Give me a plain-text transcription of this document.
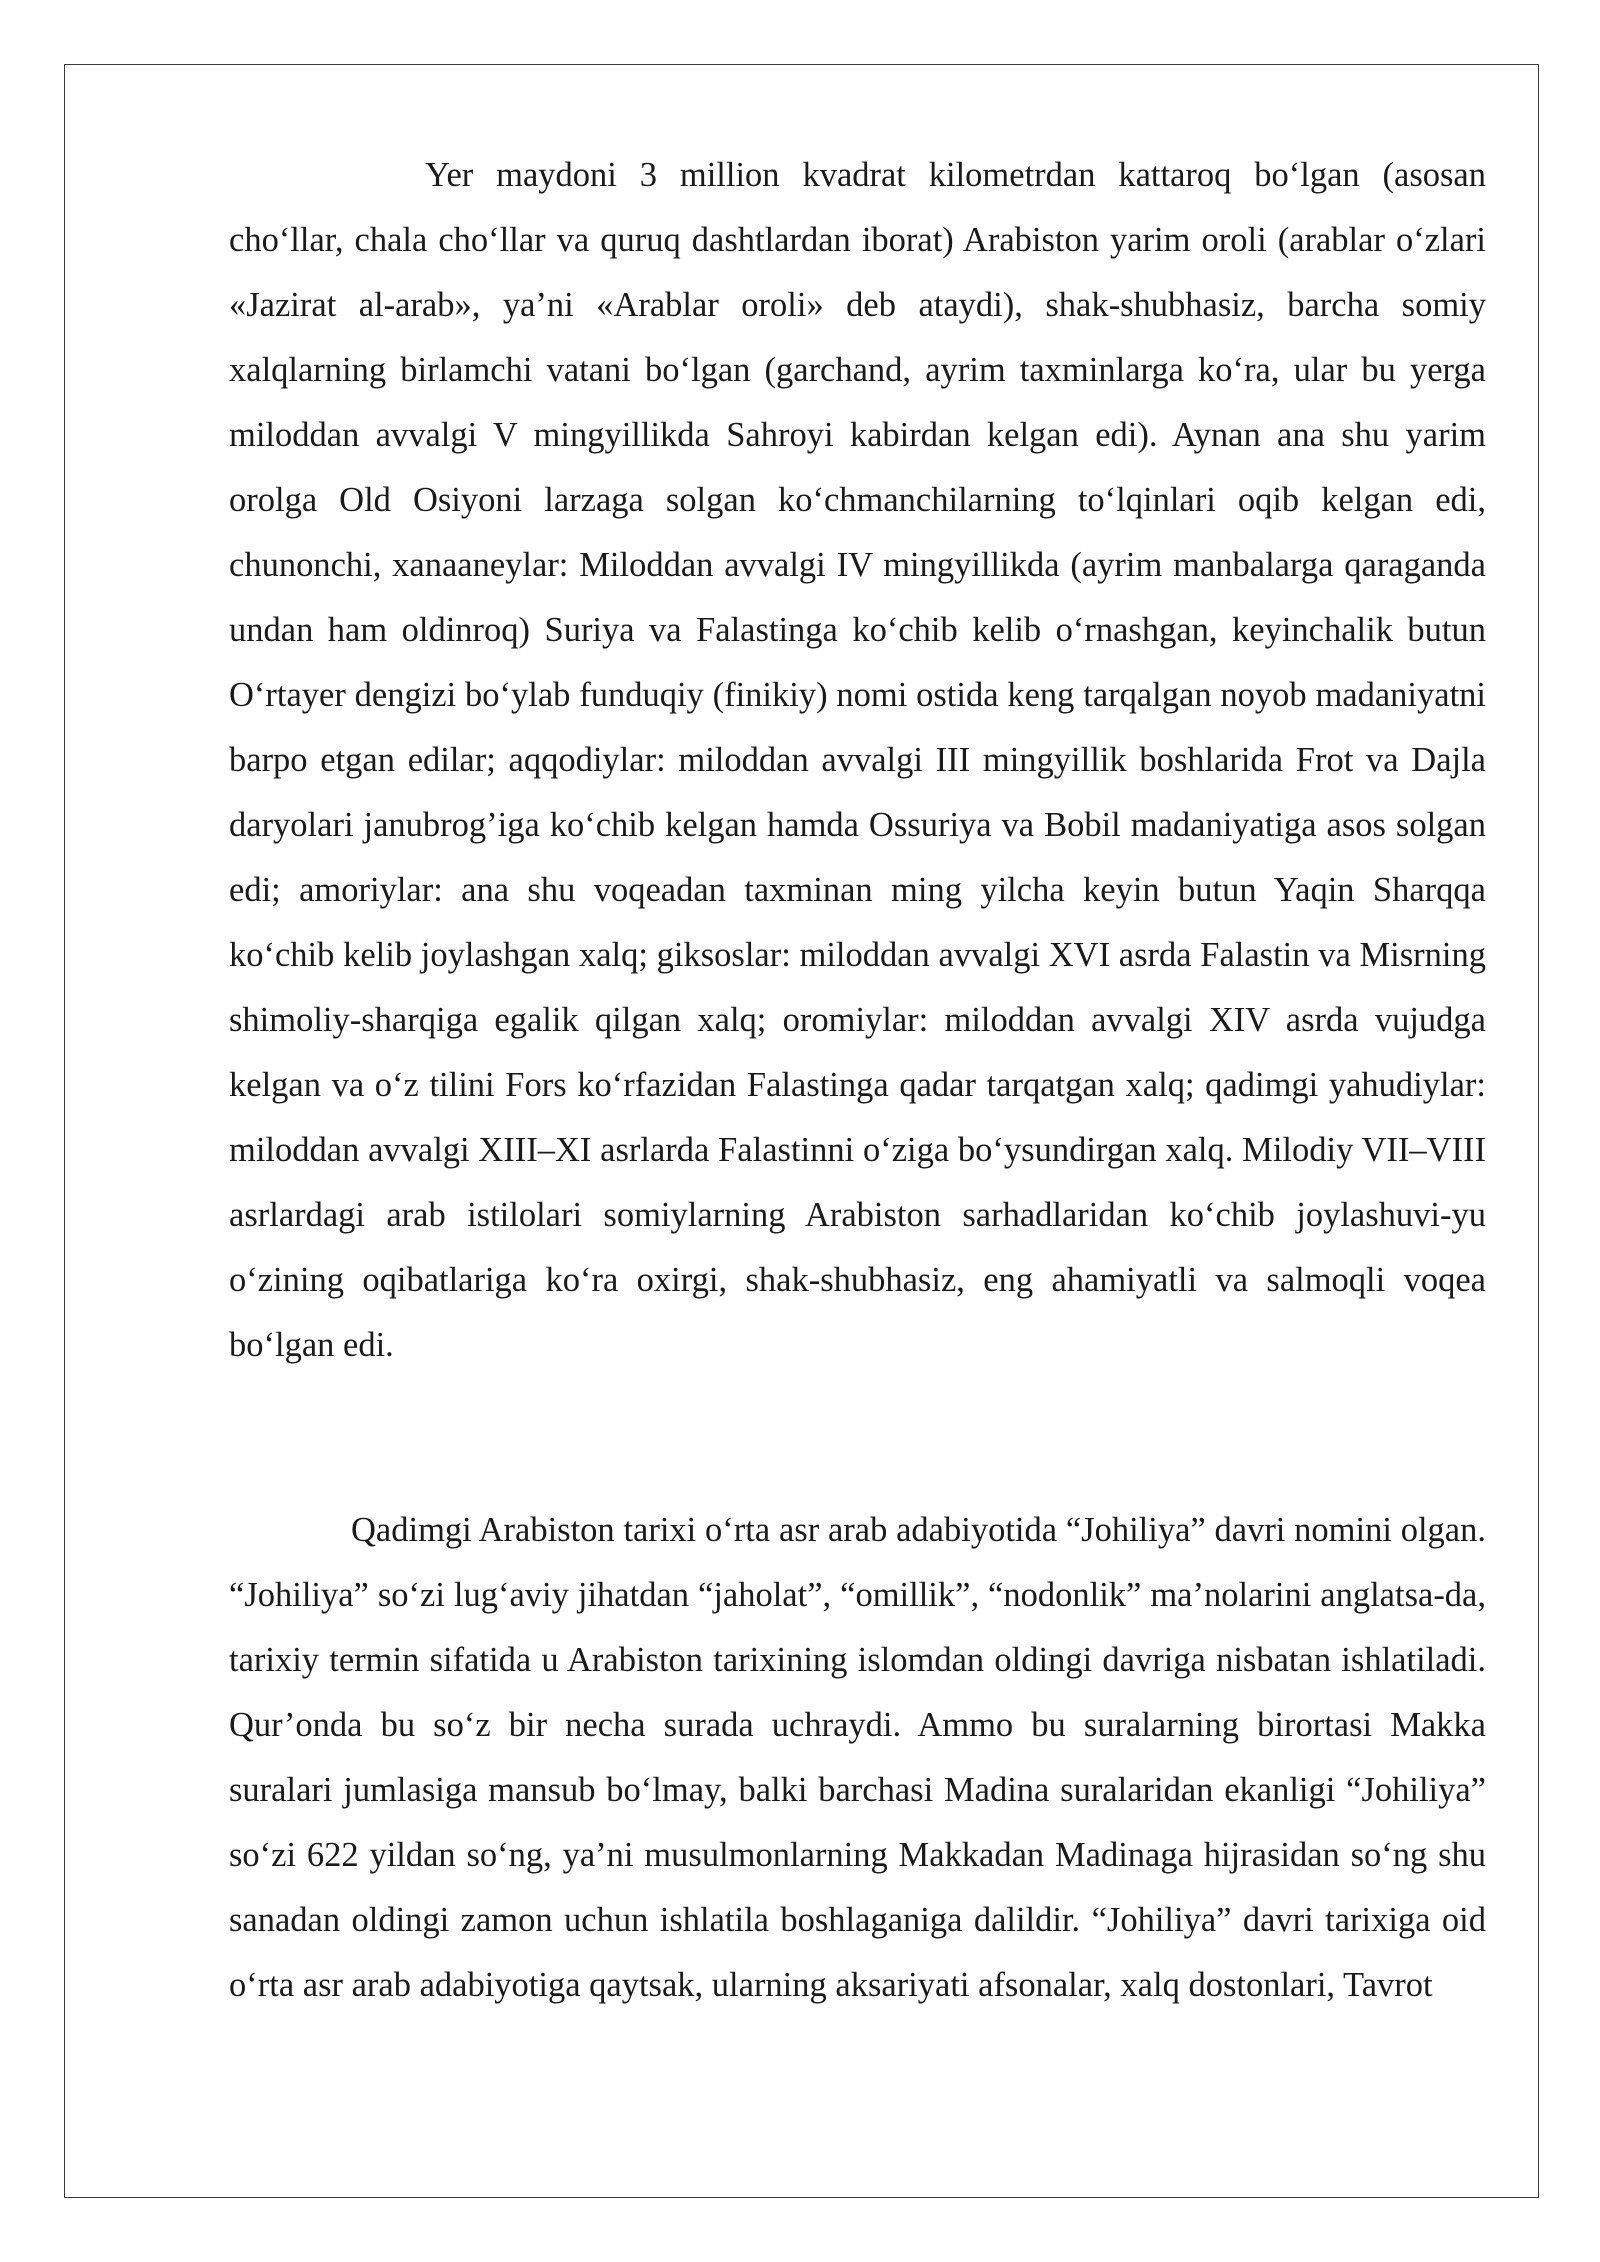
Yer maydoni 3 million kvadrat kilometrdan kattaroq bo‘lgan (asosan cho‘llar, chala cho‘llar va quruq dashtlardan iborat) Arabiston yarim oroli (arablar o‘zlari «Jazirat al-arab», ya’ni «Arablar oroli» deb ataydi), shak-shubhasiz, barcha somiy xalqlarning birlamchi vatani bo‘lgan (garchand, ayrim taxminlarga ko‘ra, ular bu yerga miloddan avvalgi V mingyillikda Sahroyi kabirdan kelgan edi). Aynan ana shu yarim orolga Old Osiyoni larzaga solgan ko‘chmanchilarning to‘lqinlari oqib kelgan edi, chunonchi, xanaaneylar: Miloddan avvalgi IV mingyillikda (ayrim manbalarga qaraganda undan ham oldinroq) Suriya va Falastinga ko‘chib kelib o‘rnashgan, keyinchalik butun O‘rtayer dengizi bo‘ylab funduqiy (finikiy) nomi ostida keng tarqalgan noyob madaniyatni barpo etgan edilar; aqqodiylar: miloddan avvalgi III mingyillik boshlarida Frot va Dajla daryolari janubrog’iga ko‘chib kelgan hamda Ossuriya va Bobil madaniyatiga asos solgan edi; amoriylar: ana shu voqeadan taxminan ming yilcha keyin butun Yaqin Sharqqa ko‘chib kelib joylashgan xalq; giksoslar: miloddan avvalgi XVI asrda Falastin va Misrning shimoliy-sharqiga egalik qilgan xalq; oromiylar: miloddan avvalgi XIV asrda vujudga kelgan va o‘z tilini Fors ko‘rfazidan Falastinga qadar tarqatgan xalq; qadimgi yahudiylar: miloddan avvalgi XIII–XI asrlarda Falastinni o‘ziga bo‘ysundirgan xalq. Milodiy VII–VIII asrlardagi arab istilolari somiylarning Arabiston sarhadlaridan ko‘chib joylashuvi-yu o‘zining oqibatlariga ko‘ra oxirgi, shak-shubhasiz, eng ahamiyatli va salmoqli voqea bo‘lgan edi.

Qadimgi Arabiston tarixi o‘rta asr arab adabiyotida “Johiliya” davri nomini olgan. “Johiliya” so‘zi lug‘aviy jihatdan “jaholat”, “omillik”, “nodonlik” ma’nolarini anglatsa-da, tarixiy termin sifatida u Arabiston tarixining islomdan oldingi davriga nisbatan ishlatiladi. Qur’onda bu so‘z bir necha surada uchraydi. Ammo bu suralarning birortasi Makka suralari jumlasiga mansub bo‘lmay, balki barchasi Madina suralaridan ekanligi “Johiliya” so‘zi 622 yildan so‘ng, ya’ni musulmonlarning Makkadan Madinaga hijrasidan so‘ng shu sanadan oldingi zamon uchun ishlatila boshlaganiga dalildir. “Johiliya” davri tarixiga oid o‘rta asr arab adabiyotiga qaytsak, ularning aksariyati afsonalar, xalq dostonlari, Tavrot
